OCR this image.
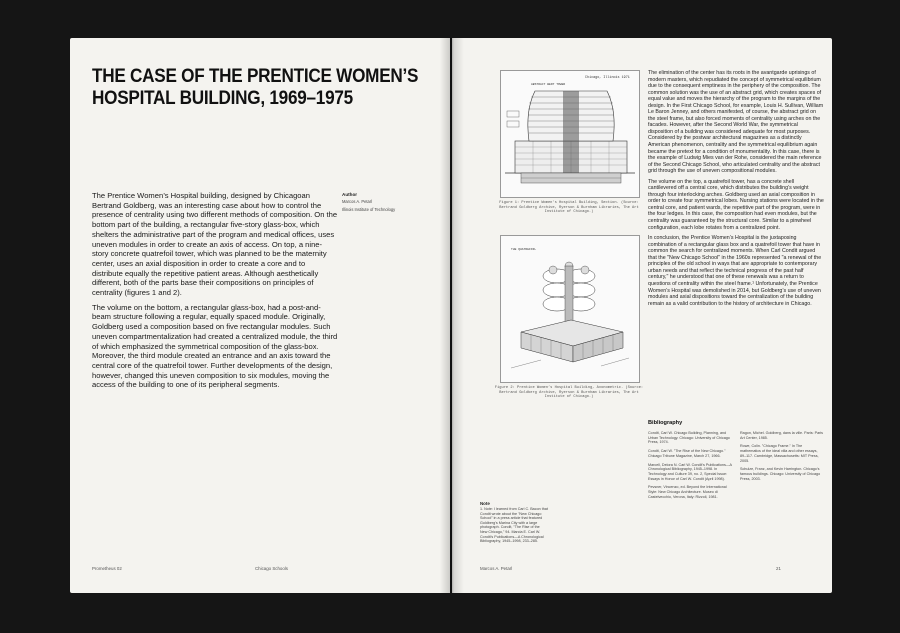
THE CASE OF THE PRENTICE WOMEN’S
HOSPITAL BUILDING, 1969–1975

The Prentice Women’s Hospital building, designed by Chicagoan Bertrand Goldberg, was an interesting case about how to control the presence of centrality using two different methods of composition. On the bottom part of the building, a rectangular five-story glass-box, which shelters the administrative part of the program and medical offices, uses uneven modules in order to create an axis of access. On top, a nine-story concrete quatrefoil tower, which was planned to be the maternity center, uses an axial disposition in order to create a core and to distribute equally the repetitive patient areas. Although aesthetically different, both of the parts base their compositions on principles of centrality (figures 1 and 2).

The volume on the bottom, a rectangular glass-box, had a post-and-beam structure following a regular, equally spaced module. Originally, Goldberg used a composition based on five rectangular modules. Such uneven compartmentalization had created a centralized module, the third of which emphasized the symmetrical composition of the glass-box. Moreover, the third module created an entrance and an axis toward the central core of the quatrefoil tower. Further developments of the design, however, changed this uneven composition to six modules, moving the access of the building to one of its peripheral segments.

Author
Marcos A. Petarl
Illinois Institute of Technology
Prometheus 02	Chicago Schools
Chicago, Illinois 1971
ABSTRACT BENT TOWER
Figure 1: Prentice Women’s Hospital Building, Section. (Source: Bertrand Goldberg Archive, Ryerson & Burnham Libraries, The Art Institute of Chicago.)
THE QUATREFOIL
Figure 2: Prentice Women’s Hospital Building, Axonometric. (Source: Bertrand Goldberg Archive, Ryerson & Burnham Libraries, The Art Institute of Chicago.)
Note
1. Note: I learned from Carl C. Bacon that Condit wrote about the "New Chicago School" in a press article that featured Goldberg’s Marina City with a large photograph. Condit, "The Rise of the New Chicago," 94. Marcia E. Carl W. Condit’s Publications—A Chronological Bibliography, 1945–1998, 233–285.

The elimination of the center has its roots in the avantgarde uprisings of modern masters, which repudiated the concept of symmetrical equilibrium due to the consequent emptiness in the periphery of the composition. The common solution was the use of an abstract grid, which creates spaces of equal value and moves the hierarchy of the program to the margins of the design. In the First Chicago School, for example, Louis H. Sullivan, William Le Baron Jenney, and others manifested, of course, the abstract grid on the steel frame, but also forced moments of centrality using arches on the facades. However, after the Second World War, the symmetrical disposition of a building was considered adequate for most purposes. Considered by the postwar architectural magazines as a distinctly American phenomenon, centrality and the symmetrical equilibrium again became the pretext for a condition of monumentality. In this case, there is the example of Ludwig Mies van der Rohe, considered the main reference of the Second Chicago School, who articulated centrality and the abstract grid through the use of uneven compositional modules.

The volume on the top, a quatrefoil tower, has a concrete shell cantilevered off a central core, which distributes the building’s weight through four interlocking arches. Goldberg used an axial composition in order to create four symmetrical lobes. Nursing stations were located in the central core, and patient wards, the repetitive part of the program, were in the four ledges. In this case, the composition had even modules, but the centrality was guaranteed by the structural core. Similar to a pinwheel configuration, each lobe rotates from a centralized point.

In conclusion, the Prentice Women’s Hospital is the juxtaposing combination of a rectangular glass box and a quatrefoil tower that have in common the search for centralized moments. When Carl Condit argued that the "New Chicago School" in the 1960s represented "a renewal of the principles of the old school in ways that are appropriate to contemporary urban needs and that reflect the technical progress of the past half century," he understood that one of these renewals was a return to questions of centrality within the steel frame.¹ Unfortunately, the Prentice Women’s Hospital was demolished in 2014, but Goldberg’s use of uneven modules and axial dispositions toward the centralization of the building remain as a valid contribution to the history of architecture in Chicago.

Bibliography
Condit, Carl W. Chicago Building, Planning, and Urban Technology. Chicago: University of Chicago Press, 1974.
Condit, Carl W. "The Rise of the New Chicago." Chicago Tribune Magazine, March 27, 1966.
Marcell, Delora N. Carl W. Condit’s Publications—A Chronological Bibliography, 1945–1998. In Technology and Culture 39, no. 2, Special Issue: Essays in Honor of Carl W. Condit (April 1998).
Pevsner, Vincenzo, ed. Beyond the International Style: New Chicago Architecture. Museo di Castelvecchio, Verona, Italy: Rizzoli, 1981.
Ragon, Michel. Goldberg, dans la ville. Paris: Paris Art Center, 1985.
Rowe, Colin. "Chicago Frame." In The mathematics of the ideal villa and other essays, 89–117. Cambridge, Massachusetts: MIT Press, 2005.
Schulze, Franz, and Kevin Harrington. Chicago’s famous buildings. Chicago: University of Chicago Press, 2003.
Marcos A. Petarl	21
